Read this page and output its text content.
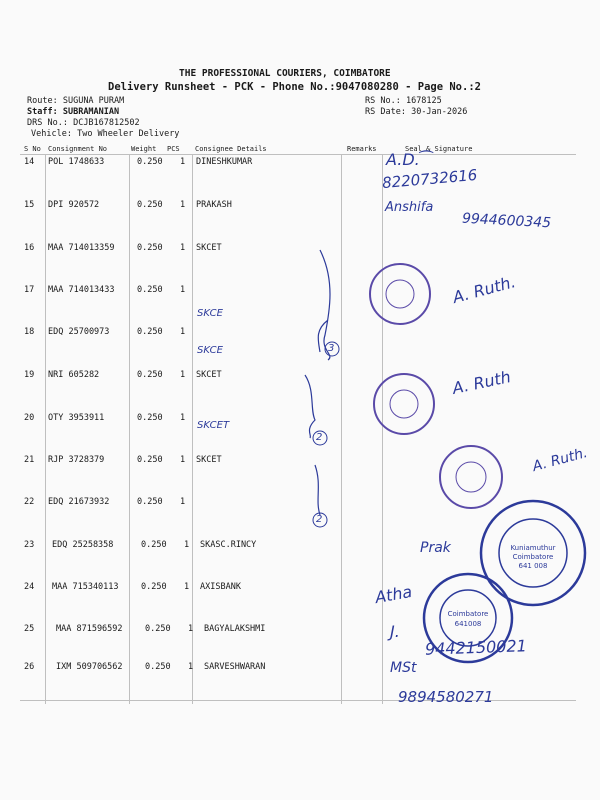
THE PROFESSIONAL COURIERS, COIMBATORE
Delivery Runsheet - PCK - Phone No.:9047080280 - Page No.:2
Route: SUGUNA PURAM
Staff: SUBRAMANIAN
DRS No.: DCJB167812502
Vehicle: Two Wheeler Delivery
RS No.: 1678125
RS Date: 30-Jan-2026
S No Consignment No	Weight PCS Consignee Details	Remarks	Seal & Signature
14 POL 1748633	0.250 1 DINESHKUMAR
15 DPI 920572	0.250 1 PRAKASH
16 MAA 714013359	0.250 1 SKCET
17 MAA 714013433	0.250 1
18 EDQ 25700973	0.250 1
19 NRI 605282	0.250 1 SKCET
20 OTY 3953911	0.250 1
21 RJP 3728379	0.250 1 SKCET
22 EDQ 21673932	0.250 1
23 EDQ 25258358	0.250 1 SKASC.RINCY
24 MAA 715340113	0.250 1 AXISBANK
25	MAA 871596592	0.250 1 BAGYALAKSHMI
26	IXM 509706562	0.250 1 SARVESHWARAN
A.D.⁀
8220732616
Anshifa
9944600345
SKCE
SKCE
SKCET
3
2
2
Kuniamuthur
Coimbatore
641 008
Coimbatore
641008
A. Ruth.
A. Ruth
A. Ruth.
Prak
Atha
J.
9442150021
MSt
9894580271
